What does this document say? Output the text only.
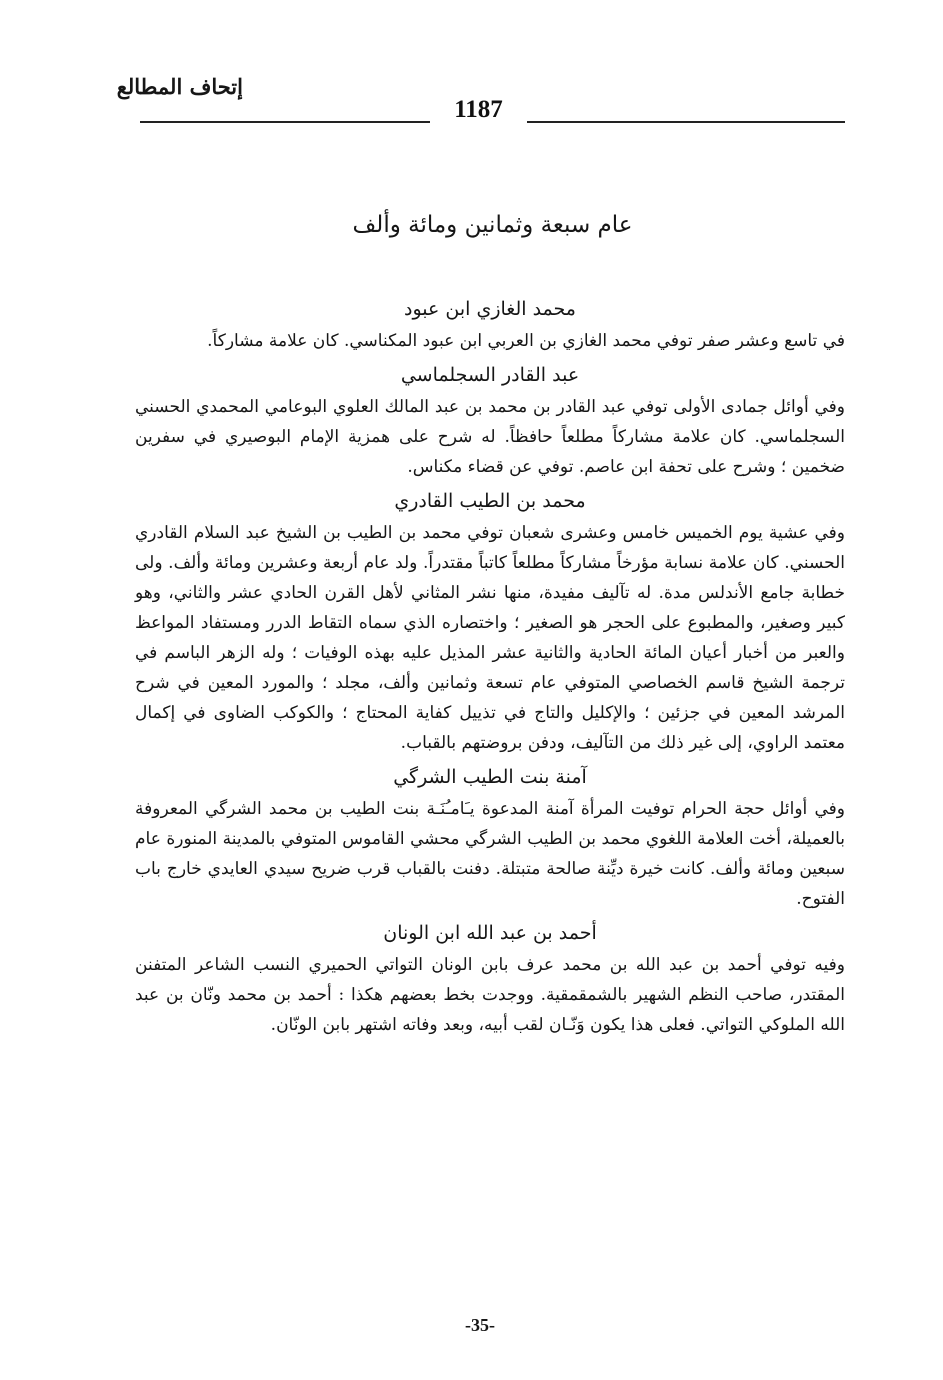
إتحاف المطالع
1187
عام سبعة وثمانين ومائة وألف
محمد الغازي ابن عبود

في تاسع وعشر صفر توفي محمد الغازي بن العربي ابن عبود المكناسي. كان علامة مشاركاً.

عبد القادر السجلماسي

وفي أوائل جمادى الأولى توفي عبد القادر بن محمد بن عبد المالك العلوي البوعامي المحمدي الحسني السجلماسي. كان علامة مشاركاً مطلعاً حافظاً. له شرح على همزية الإمام البوصيري في سفرين ضخمين ؛ وشرح على تحفة ابن عاصم. توفي عن قضاء مكناس.

محمد بن الطيب القادري

وفي عشية يوم الخميس خامس وعشرى شعبان توفي محمد بن الطيب بن الشيخ عبد السلام القادري الحسني. كان علامة نسابة مؤرخاً مشاركاً مطلعاً كاتباً مقتدراً. ولد عام أربعة وعشرين ومائة وألف. ولى خطابة جامع الأندلس مدة. له تآليف مفيدة، منها نشر المثاني لأهل القرن الحادي عشر والثاني، وهو كبير وصغير، والمطبوع على الحجر هو الصغير ؛ واختصاره الذي سماه التقاط الدرر ومستفاد المواعظ والعبر من أخبار أعيان المائة الحادية والثانية عشر المذيل عليه بهذه الوفيات ؛ وله الزهر الباسم في ترجمة الشيخ قاسم الخصاصي المتوفي عام تسعة وثمانين وألف، مجلد ؛ والمورد المعين في شرح المرشد المعين في جزئين ؛ والإكليل والتاج في تذييل كفاية المحتاج ؛ والكوكب الضاوى في إكمال معتمد الراوي، إلى غير ذلك من التآليف، ودفن بروضتهم بالقباب.

آمنة بنت الطيب الشرگي

وفي أوائل حجة الحرام توفيت المرأة آمنة المدعوة يـَامـُنَـة بنت الطيب بن محمد الشرگي المعروفة بالعميلة، أخت العلامة اللغوي محمد بن الطيب الشرگي محشي القاموس المتوفي بالمدينة المنورة عام سبعين ومائة وألف. كانت خيرة ديِّنة صالحة متبتلة. دفنت بالقباب قرب ضريح سيدي العايدي خارج باب الفتوح.

أحمد بن عبد الله ابن الونان

وفيه توفي أحمد بن عبد الله بن محمد عرف بابن الونان التواتي الحميري النسب الشاعر المتفنن المقتدر، صاحب النظم الشهير بالشمقمقية. ووجدت بخط بعضهم هكذا : أحمد بن محمد ونّان بن عبد الله الملوكي التواتي. فعلى هذا يكون وَنّـان لقب أبيه، وبعد وفاته اشتهر بابن الونّان.

-35-
